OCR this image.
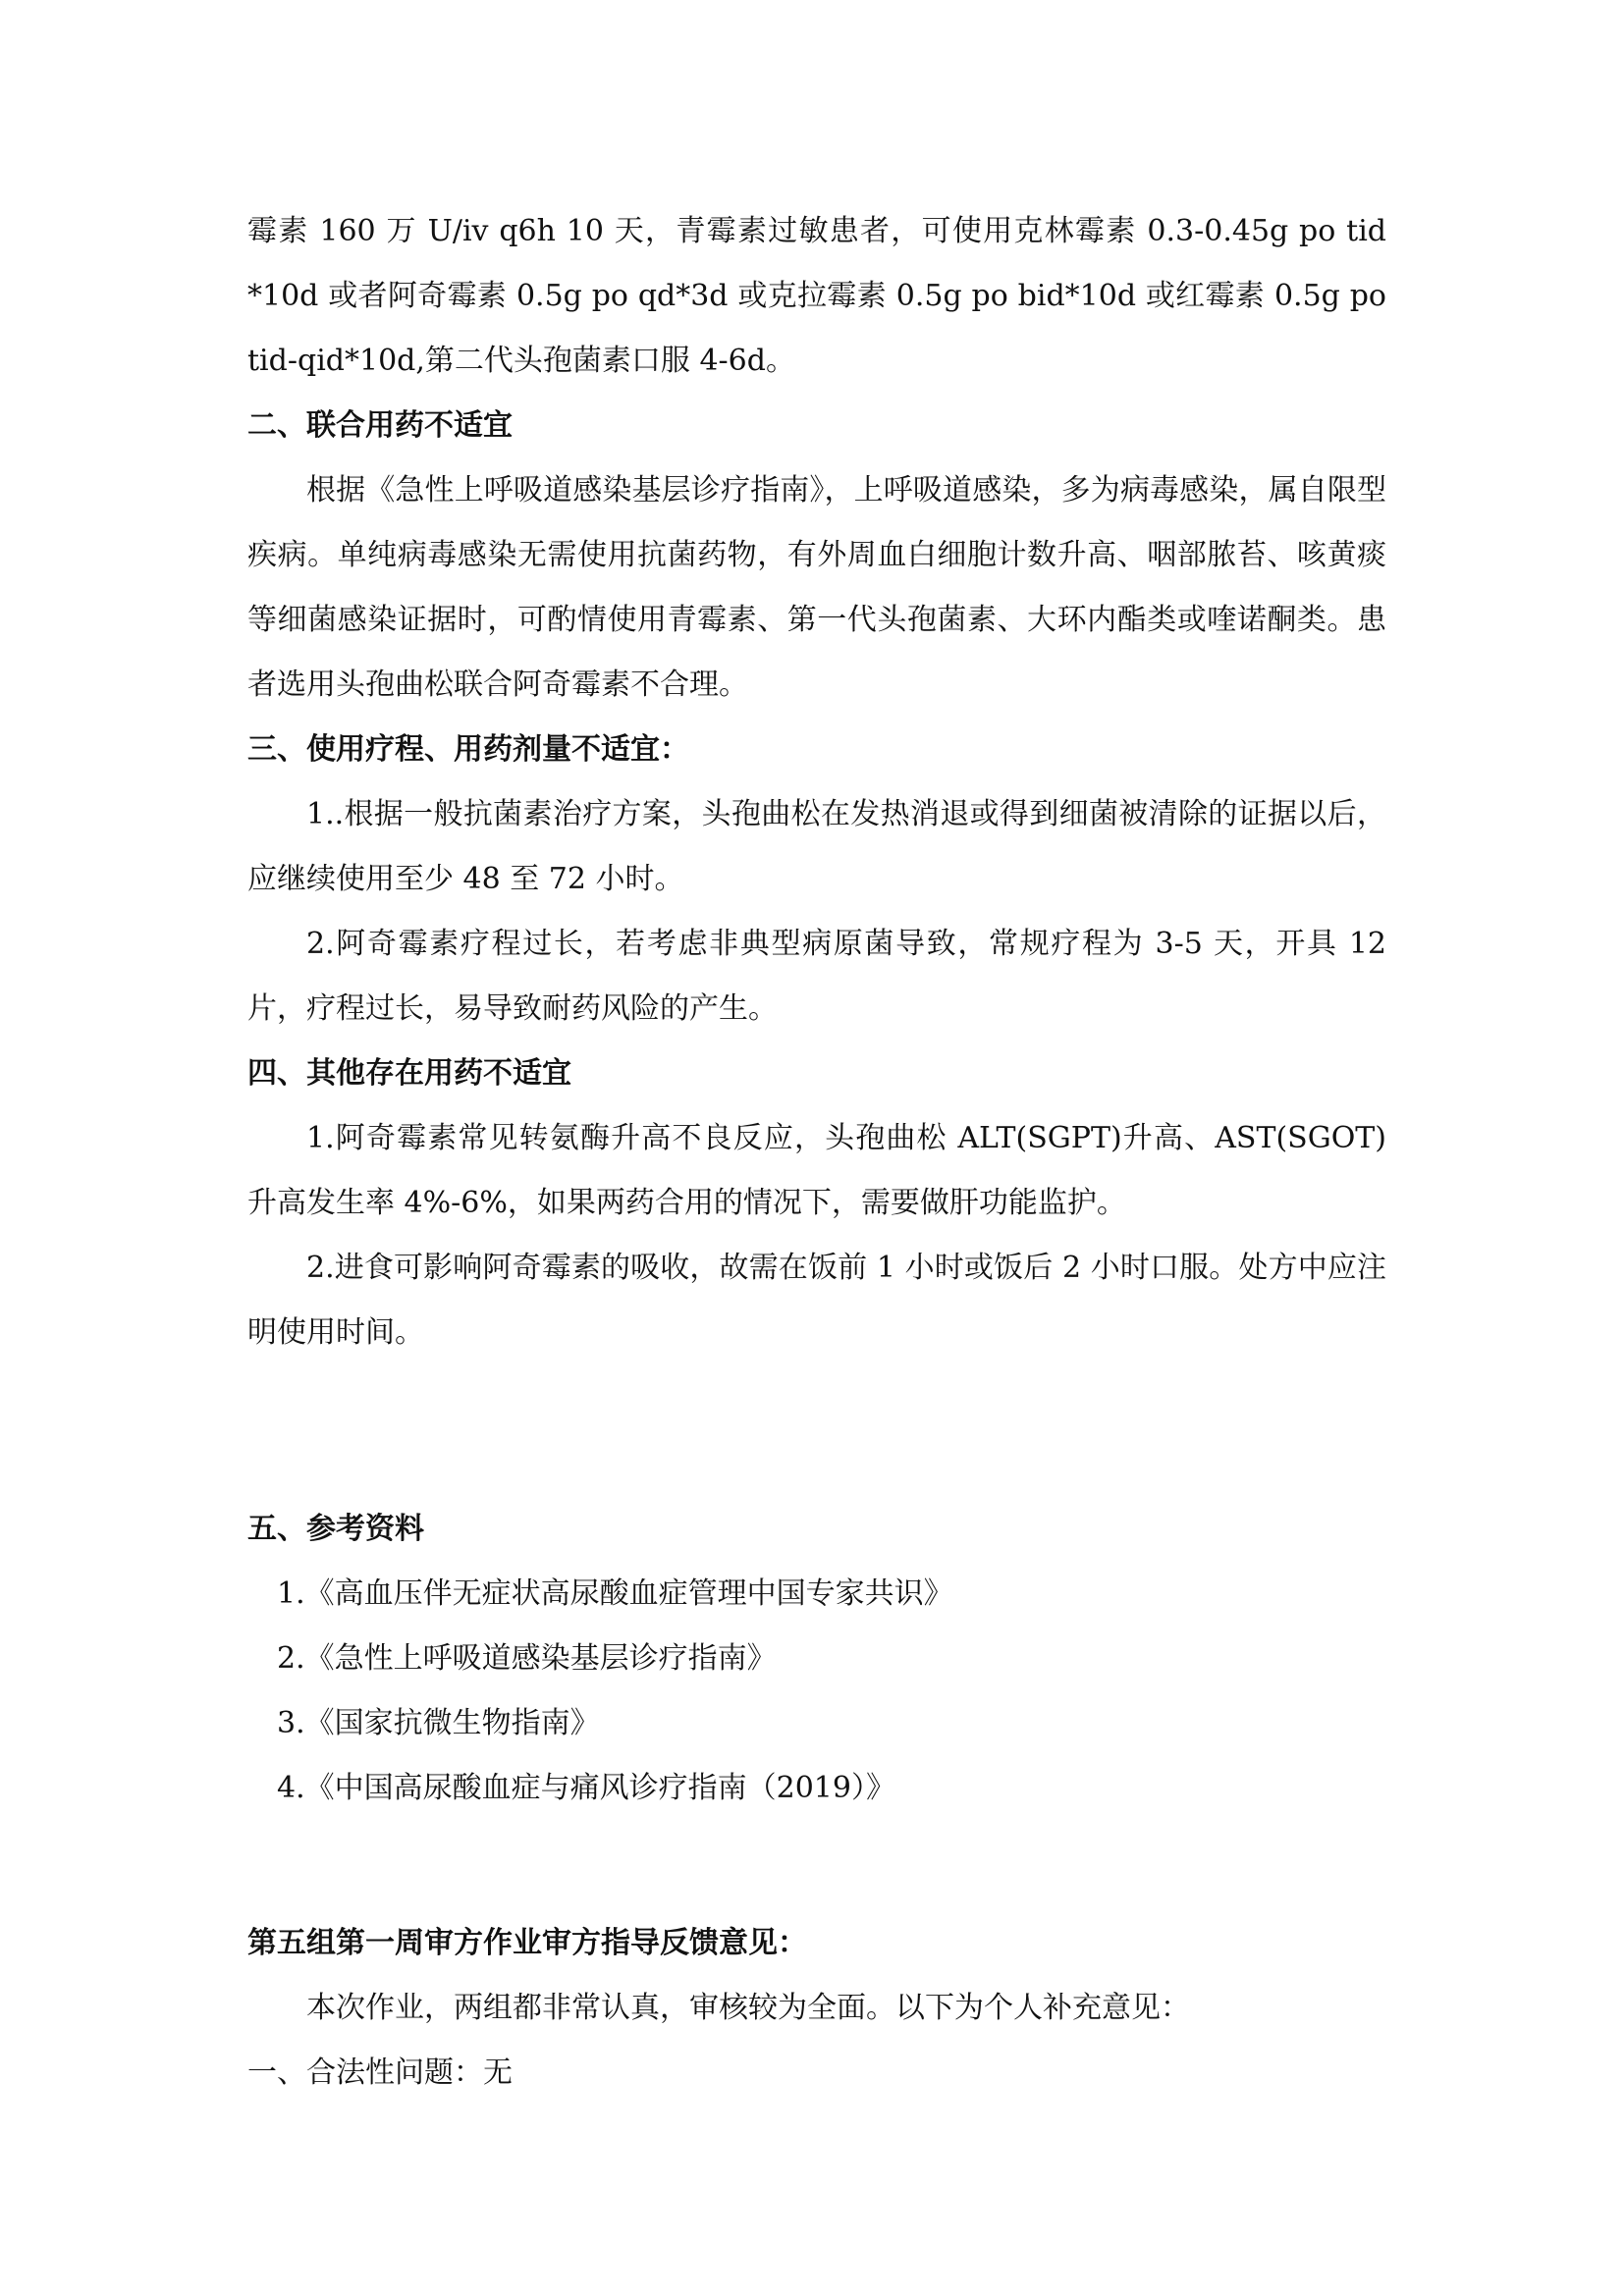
霉素 160 万 U/iv q6h 10 天，青霉素过敏患者，可使用克林霉素 0.3-0.45g po tid *10d 或者阿奇霉素 0.5g po qd*3d 或克拉霉素 0.5g po bid*10d 或红霉素 0.5g po tid-qid*10d,第二代头孢菌素口服 4-6d。

二、联合用药不适宜

根据《急性上呼吸道感染基层诊疗指南》，上呼吸道感染，多为病毒感染，属自限型疾病。单纯病毒感染无需使用抗菌药物，有外周血白细胞计数升高、咽部脓苔、咳黄痰等细菌感染证据时，可酌情使用青霉素、第一代头孢菌素、大环内酯类或喹诺酮类。患者选用头孢曲松联合阿奇霉素不合理。

三、使用疗程、用药剂量不适宜：

1..根据一般抗菌素治疗方案，头孢曲松在发热消退或得到细菌被清除的证据以后，应继续使用至少 48 至 72 小时。

2.阿奇霉素疗程过长，若考虑非典型病原菌导致，常规疗程为 3-5 天，开具 12 片，疗程过长，易导致耐药风险的产生。

四、其他存在用药不适宜

1.阿奇霉素常见转氨酶升高不良反应，头孢曲松 ALT(SGPT)升高、AST(SGOT)升高发生率 4%-6%，如果两药合用的情况下，需要做肝功能监护。

2.进食可影响阿奇霉素的吸收，故需在饭前 1 小时或饭后 2 小时口服。处方中应注明使用时间。

五、参考资料

1.《高血压伴无症状高尿酸血症管理中国专家共识》

2.《急性上呼吸道感染基层诊疗指南》

3.《国家抗微生物指南》

4.《中国高尿酸血症与痛风诊疗指南（2019）》

第五组第一周审方作业审方指导反馈意见：

本次作业，两组都非常认真，审核较为全面。以下为个人补充意见：

一、合法性问题：无
